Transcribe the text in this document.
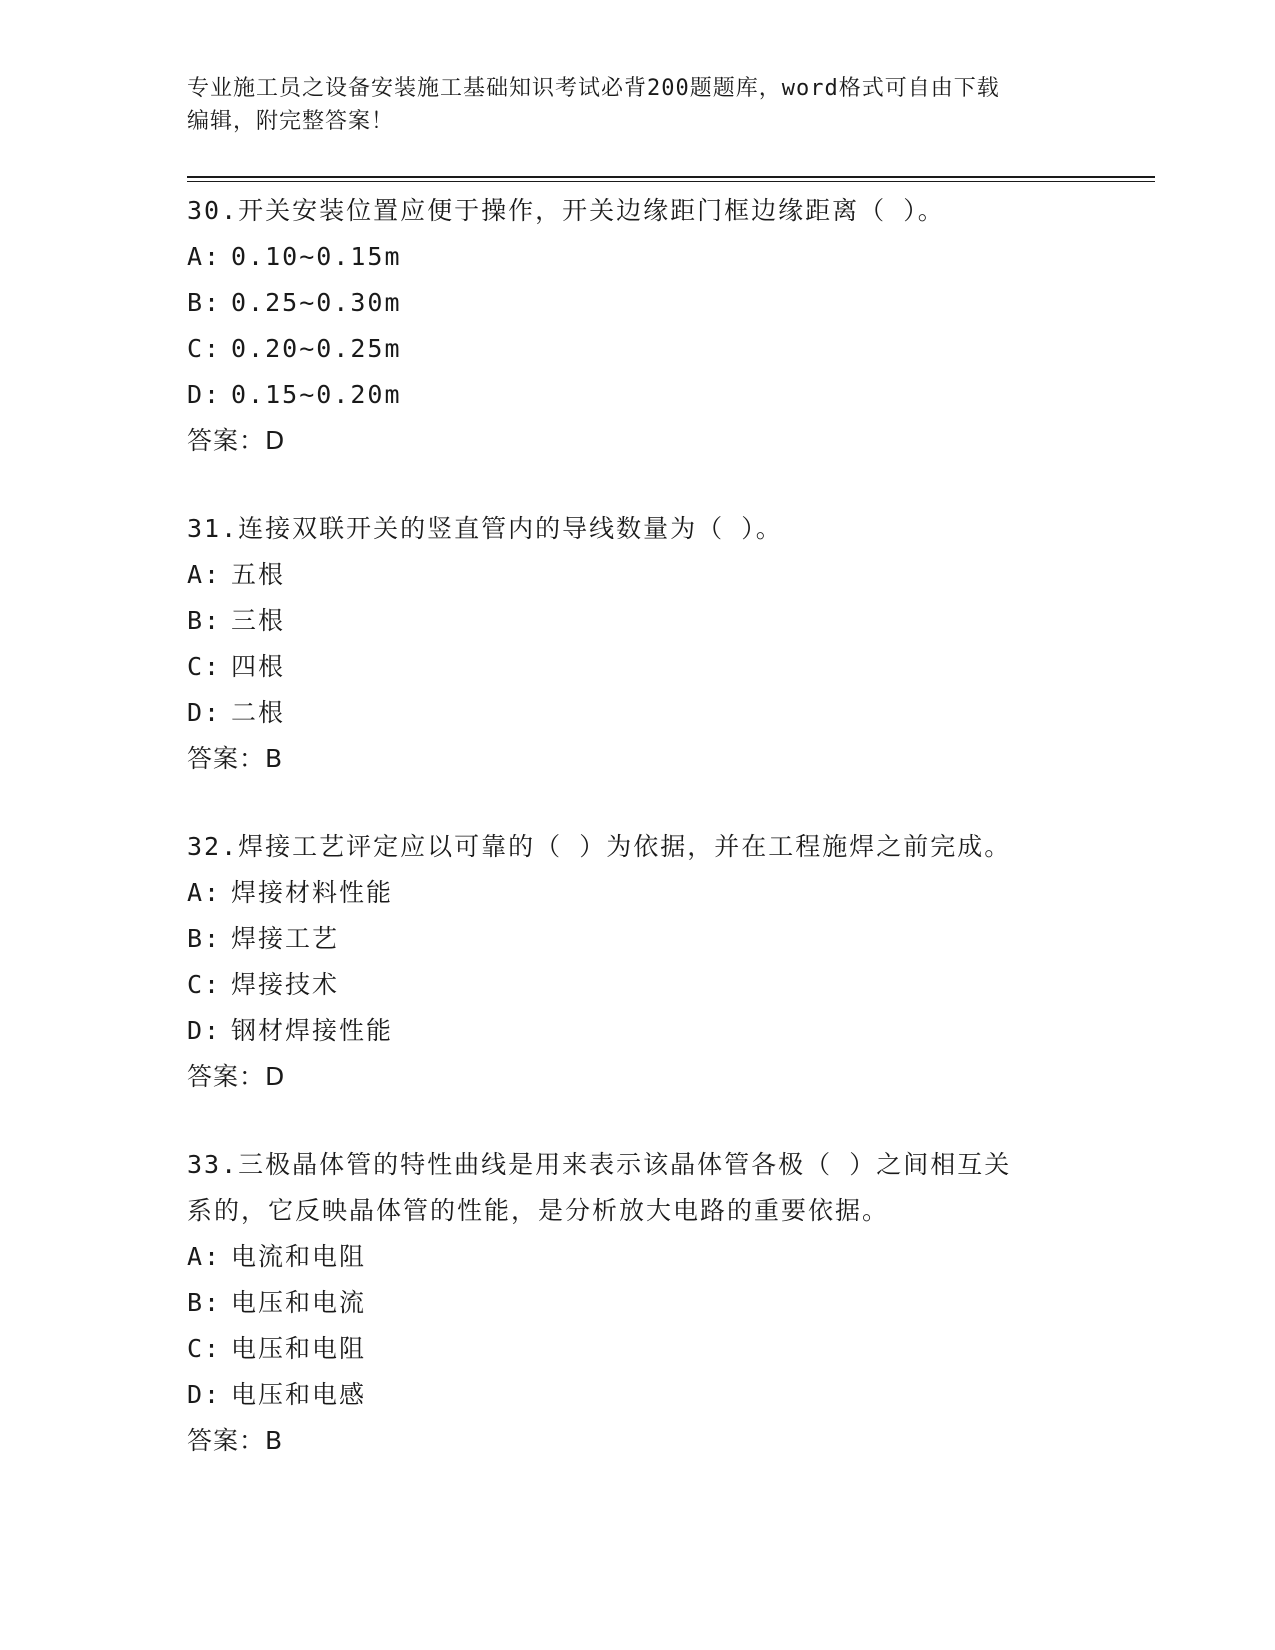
专业施工员之设备安装施工基础知识考试必背200题题库，word格式可自由下载
编辑，附完整答案！
30.开关安装位置应便于操作，开关边缘距门框边缘距离（ ）。
A: 0.10~0.15m
B: 0.25~0.30m
C: 0.20~0.25m
D: 0.15~0.20m
答案：D
31.连接双联开关的竖直管内的导线数量为（ ）。
A: 五根
B: 三根
C: 四根
D: 二根
答案：B
32.焊接工艺评定应以可靠的（ ）为依据，并在工程施焊之前完成。
A: 焊接材料性能
B: 焊接工艺
C: 焊接技术
D: 钢材焊接性能
答案：D
33.三极晶体管的特性曲线是用来表示该晶体管各极（ ）之间相互关
系的，它反映晶体管的性能，是分析放大电路的重要依据。
A: 电流和电阻
B: 电压和电流
C: 电压和电阻
D: 电压和电感
答案：B
